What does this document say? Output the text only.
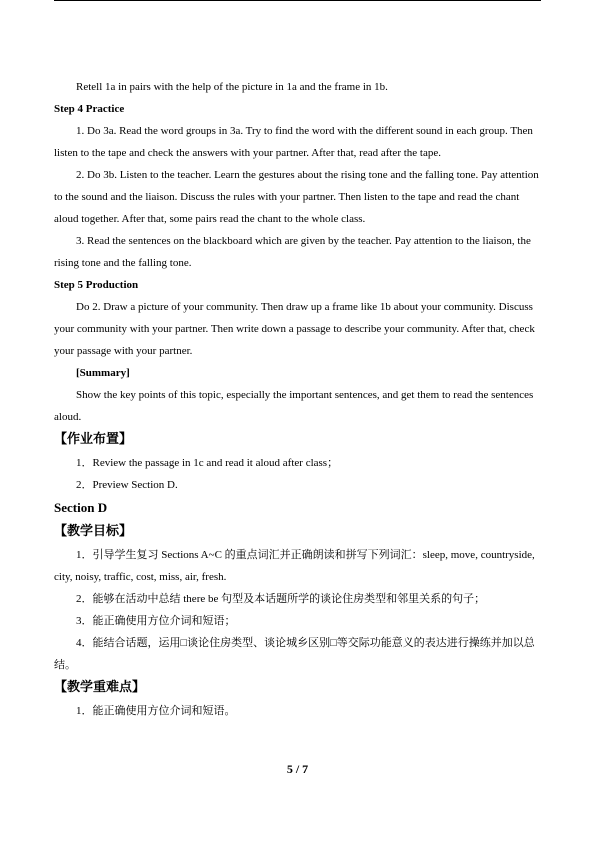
Retell 1a in pairs with the help of the picture in 1a and the frame in 1b.

Step 4 Practice

1. Do 3a. Read the word groups in 3a. Try to find the word with the different sound in each group. Then listen to the tape and check the answers with your partner. After that, read after the tape.

2. Do 3b. Listen to the teacher. Learn the gestures about the rising tone and the falling tone. Pay attention to the sound and the liaison. Discuss the rules with your partner. Then listen to the tape and read the chant aloud together. After that, some pairs read the chant to the whole class.

3. Read the sentences on the blackboard which are given by the teacher. Pay attention to the liaison, the rising tone and the falling tone.

Step 5 Production

Do 2. Draw a picture of your community. Then draw up a frame like 1b about your community. Discuss your community with your partner. Then write down a passage to describe your community. After that, check your passage with your partner.

[Summary]

Show the key points of this topic, especially the important sentences, and get them to read the sentences aloud.

【作业布置】

1．Review the passage in 1c and read it aloud after class；

2．Preview Section D.

Section D

【教学目标】

1．引导学生复习 Sections A~C 的重点词汇并正确朗读和拼写下列词汇：sleep, move, countryside, city, noisy, traffic, cost, miss, air, fresh.

2．能够在活动中总结 there be 句型及本话题所学的谈论住房类型和邻里关系的句子；

3．能正确使用方位介词和短语；

4．能结合话题，运用□谈论住房类型、谈论城乡区别□等交际功能意义的表达进行操练并加以总结。

【教学重难点】

1．能正确使用方位介词和短语。

5 / 7
